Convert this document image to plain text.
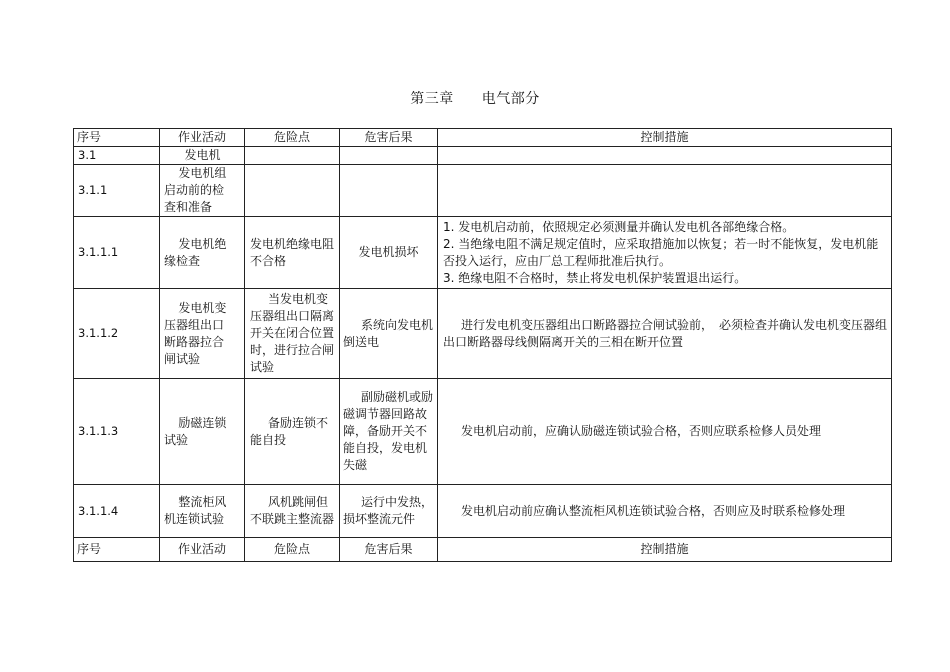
第三章 电气部分
序号	作业活动	危险点	危害后果	控制措施
3.1	发电机			
3.1.1	发电机组启动前的检查和准备			
3.1.1.1	发电机绝缘检查	发电机绝缘电阻不合格	发电机损坏	1. 发电机启动前，依照规定必须测量并确认发电机各部绝缘合格。
2. 当绝缘电阻不满足规定值时，应采取措施加以恢复；若一时不能恢复，发电机能否投入运行，应由厂总工程师批准后执行。
3. 绝缘电阻不合格时，禁止将发电机保护装置退出运行。

3.1.1.2	发电机变压器组出口断路器拉合闸试验	当发电机变压器组出口隔离开关在闭合位置时，进行拉合闸试验	系统向发电机倒送电	进行发电机变压器组出口断路器拉合闸试验前，　必须检查并确认发电机变压器组出口断路器母线侧隔离开关的三相在断开位置
3.1.1.3	励磁连锁试验	备励连锁不能自投	副励磁机或励磁调节器回路故障，备励开关不能自投，发电机失磁	发电机启动前，应确认励磁连锁试验合格，否则应联系检修人员处理
3.1.1.4	整流柜风机连锁试验	风机跳闸但不联跳主整流器	运行中发热，损坏整流元件	发电机启动前应确认整流柜风机连锁试验合格，否则应及时联系检修处理
序号	作业活动	危险点	危害后果	控制措施
